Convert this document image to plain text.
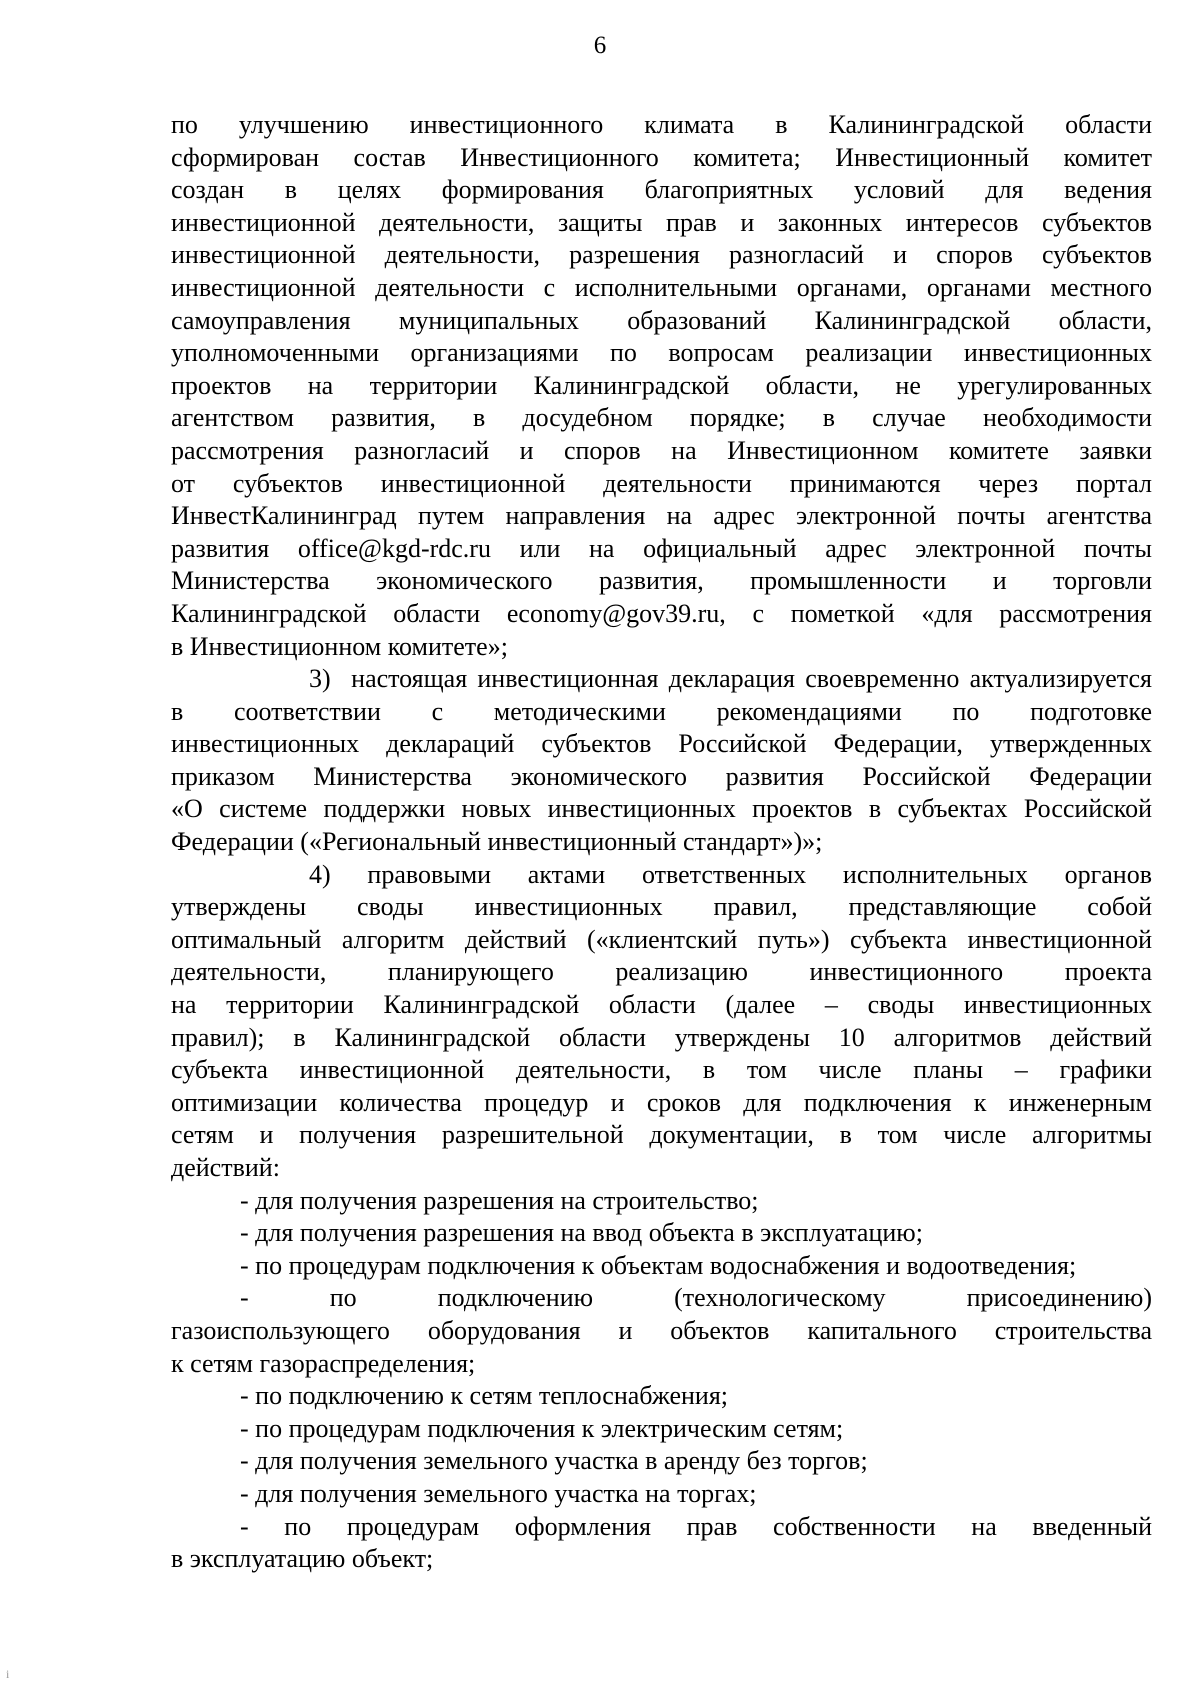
6
по улучшению инвестиционного климата в Калининградской области
сформирован состав Инвестиционного комитета; Инвестиционный комитет
создан в целях формирования благоприятных условий для ведения
инвестиционной деятельности, защиты прав и законных интересов субъектов
инвестиционной деятельности, разрешения разногласий и споров субъектов
инвестиционной деятельности с исполнительными органами, органами местного
самоуправления муниципальных образований Калининградской области,
уполномоченными организациями по вопросам реализации инвестиционных
проектов на территории Калининградской области, не урегулированных
агентством развития, в досудебном порядке; в случае необходимости
рассмотрения разногласий и споров на Инвестиционном комитете заявки
от субъектов инвестиционной деятельности принимаются через портал
ИнвестКалининград путем направления на адрес электронной почты агентства
развития office@kgd-rdc.ru или на официальный адрес электронной почты
Министерства экономического развития, промышленности и торговли
Калининградской области economy@gov39.ru, с пометкой «для рассмотрения
в Инвестиционном комитете»;
3) настоящая инвестиционная декларация своевременно актуализируется
в соответствии с методическими рекомендациями по подготовке
инвестиционных деклараций субъектов Российской Федерации, утвержденных
приказом Министерства экономического развития Российской Федерации
«О системе поддержки новых инвестиционных проектов в субъектах Российской
Федерации («Региональный инвестиционный стандарт»)»;
4) правовыми актами ответственных исполнительных органов
утверждены своды инвестиционных правил, представляющие собой
оптимальный алгоритм действий («клиентский путь») субъекта инвестиционной
деятельности, планирующего реализацию инвестиционного проекта
на территории Калининградской области (далее – своды инвестиционных
правил); в Калининградской области утверждены 10 алгоритмов действий
субъекта инвестиционной деятельности, в том числе планы – графики
оптимизации количества процедур и сроков для подключения к инженерным
сетям и получения разрешительной документации, в том числе алгоритмы
действий:
- для получения разрешения на строительство;
- для получения разрешения на ввод объекта в эксплуатацию;
- по процедурам подключения к объектам водоснабжения и водоотведения;
- по подключению (технологическому присоединению)
газоиспользующего оборудования и объектов капитального строительства
к сетям газораспределения;
- по подключению к сетям теплоснабжения;
- по процедурам подключения к электрическим сетям;
- для получения земельного участка в аренду без торгов;
- для получения земельного участка на торгах;
- по процедурам оформления прав собственности на введенный
в эксплуатацию объект;
i
